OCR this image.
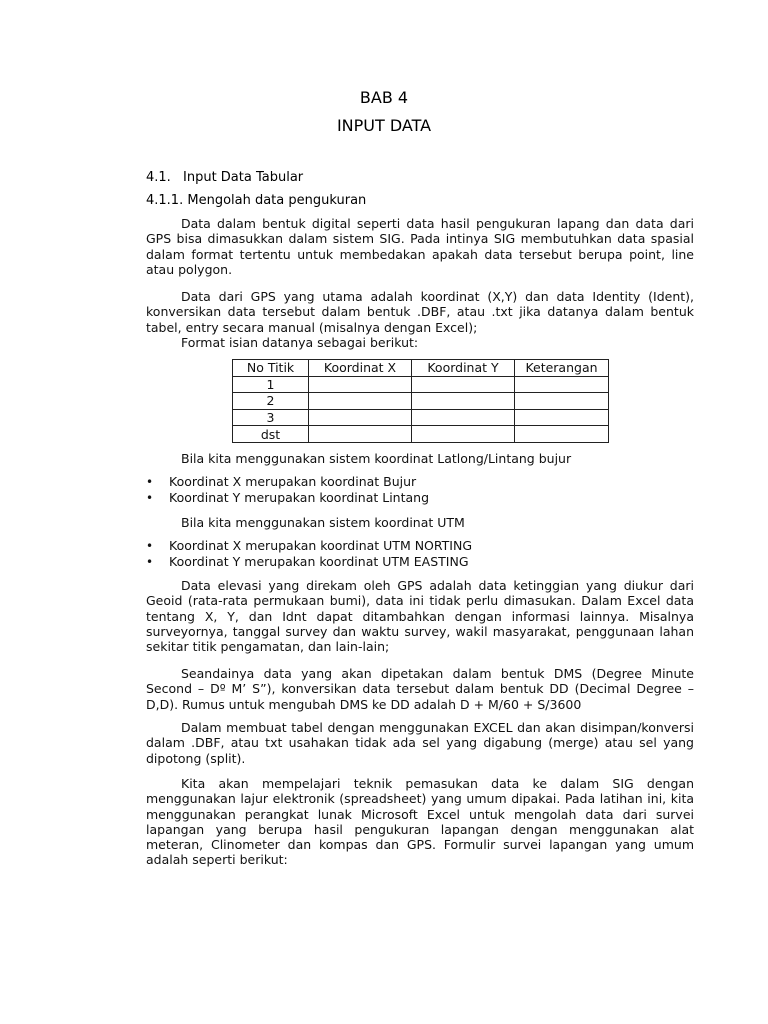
BAB 4
INPUT DATA
4.1. Input Data Tabular
4.1.1. Mengolah data pengukuran

Data dalam bentuk digital seperti data hasil pengukuran lapang dan data dari GPS bisa dimasukkan dalam sistem SIG. Pada intinya SIG membutuhkan data spasial dalam format tertentu untuk membedakan apakah data tersebut berupa point, line atau polygon.

Data dari GPS yang utama adalah koordinat (X,Y) dan data Identity (Ident), konversikan data tersebut dalam bentuk .DBF, atau .txt jika datanya dalam bentuk tabel, entry secara manual (misalnya dengan Excel);

Format isian datanya sebagai berikut:
No Titik	Koordinat X	Koordinat Y	Keterangan
1			
2			
3			
dst			
Bila kita menggunakan sistem koordinat Latlong/Lintang bujur
• Koordinat X merupakan koordinat Bujur
• Koordinat Y merupakan koordinat Lintang
Bila kita menggunakan sistem koordinat UTM
• Koordinat X merupakan koordinat UTM NORTING
• Koordinat Y merupakan koordinat UTM EASTING

Data elevasi yang direkam oleh GPS adalah data ketinggian yang diukur dari Geoid (rata-rata permukaan bumi), data ini tidak perlu dimasukan. Dalam Excel data tentang X, Y, dan Idnt dapat ditambahkan dengan informasi lainnya. Misalnya surveyornya, tanggal survey dan waktu survey, wakil masyarakat, penggunaan lahan sekitar titik pengamatan, dan lain-lain;

Seandainya data yang akan dipetakan dalam bentuk DMS (Degree Minute Second – Dº M’ S”), konversikan data tersebut dalam bentuk DD (Decimal Degree – D,D). Rumus untuk mengubah DMS ke DD adalah D + M/60 + S/3600

Dalam membuat tabel dengan menggunakan EXCEL dan akan disimpan/konversi dalam .DBF, atau txt usahakan tidak ada sel yang digabung (merge) atau sel yang dipotong (split).

Kita akan mempelajari teknik pemasukan data ke dalam SIG dengan menggunakan lajur elektronik (spreadsheet) yang umum dipakai. Pada latihan ini, kita menggunakan perangkat lunak Microsoft Excel untuk mengolah data dari survei lapangan yang berupa hasil pengukuran lapangan dengan menggunakan alat meteran, Clinometer dan kompas dan GPS. Formulir survei lapangan yang umum adalah seperti berikut:
